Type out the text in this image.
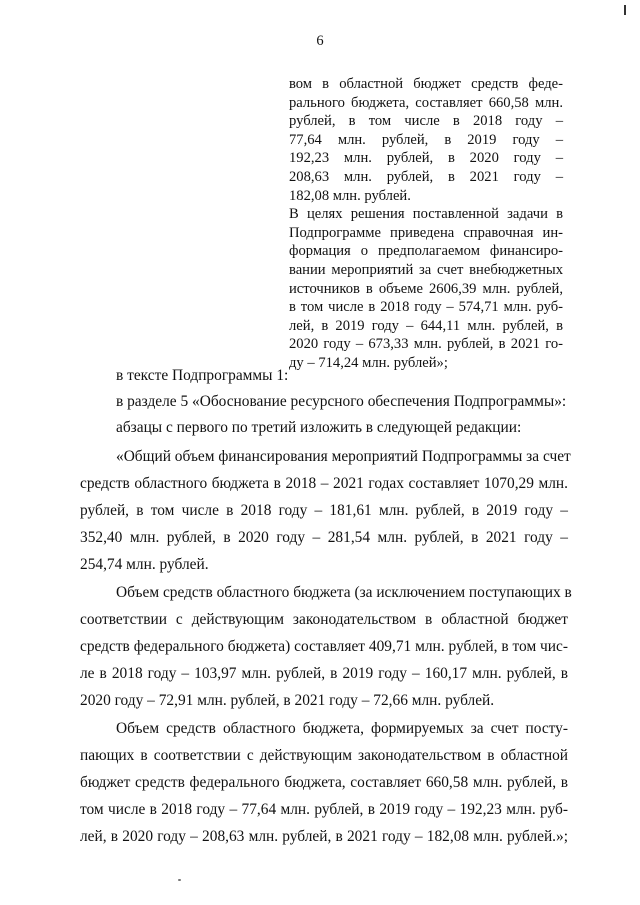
6
вом в областной бюджет средств феде-
рального бюджета, составляет 660,58 млн.
рублей, в том числе в 2018 году –
77,64 млн. рублей, в 2019 году –
192,23 млн. рублей, в 2020 году –
208,63 млн. рублей, в 2021 году –
182,08 млн. рублей.
В целях решения поставленной задачи в
Подпрограмме приведена справочная ин-
формация о предполагаемом финансиро-
вании мероприятий за счет внебюджетных
источников в объеме 2606,39 млн. рублей,
в том числе в 2018 году – 574,71 млн. руб-
лей, в 2019 году – 644,11 млн. рублей, в
2020 году – 673,33 млн. рублей, в 2021 го-
ду – 714,24 млн. рублей»;
в тексте Подпрограммы 1:
в разделе 5 «Обоснование ресурсного обеспечения Подпрограммы»:
абзацы с первого по третий изложить в следующей редакции:
«Общий объем финансирования мероприятий Подпрограммы за счет
средств областного бюджета в 2018 – 2021 годах составляет 1070,29 млн.
рублей, в том числе в 2018 году – 181,61 млн. рублей, в 2019 году –
352,40 млн. рублей, в 2020 году – 281,54 млн. рублей, в 2021 году –
254,74 млн. рублей.
Объем средств областного бюджета (за исключением поступающих в
соответствии с действующим законодательством в областной бюджет
средств федерального бюджета) составляет 409,71 млн. рублей, в том чис-
ле в 2018 году – 103,97 млн. рублей, в 2019 году – 160,17 млн. рублей, в
2020 году – 72,91 млн. рублей, в 2021 году – 72,66 млн. рублей.
Объем средств областного бюджета, формируемых за счет посту-
пающих в соответствии с действующим законодательством в областной
бюджет средств федерального бюджета, составляет 660,58 млн. рублей, в
том числе в 2018 году – 77,64 млн. рублей, в 2019 году – 192,23 млн. руб-
лей, в 2020 году – 208,63 млн. рублей, в 2021 году – 182,08 млн. рублей.»;
